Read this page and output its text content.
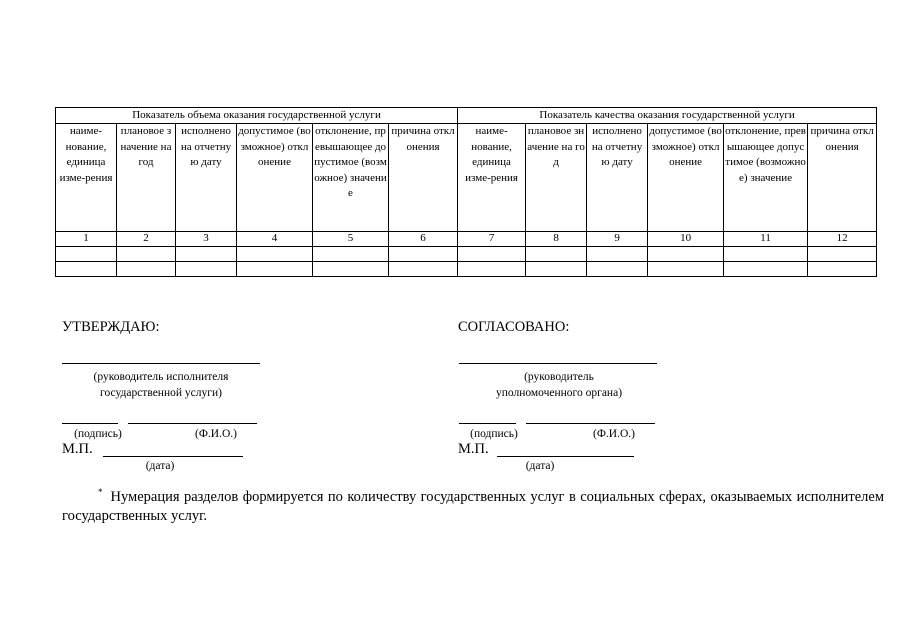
Показатель объема оказания государственной услуги						Показатель качества оказания государственной услуги					
наиме-нование, единица изме-рения	плановое значение на год	исполнено на отчетную дату	допустимое (возможное) отклонение	отклонение, превышающее допустимое (возможное) значение	причина отклонения	наиме-нование, единица изме-рения	плановое значение на год	исполнено на отчетную дату	допустимое (возможное) отклонение	отклонение, превышающее допустимое (возможное) значение	причина отклонения
1	2	3	4	5	6	7	8	9	10	11	12

УТВЕРЖДАЮ:
(руководитель исполнителя государственной услуги)
(подпись)	(Ф.И.О.)
М.П.
(дата)
СОГЛАСОВАНО:
(руководитель уполномоченного органа)
(подпись)	(Ф.И.О.)
М.П.
(дата)
* Нумерация разделов формируется по количеству государственных услуг в социальных сферах, оказываемых исполнителем государственных услуг.
